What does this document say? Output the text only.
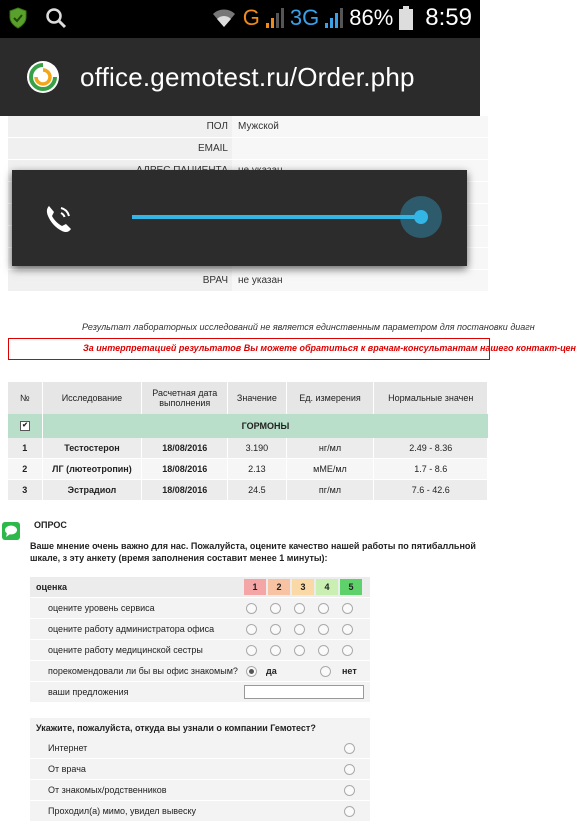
G 3G 86% 8:59
office.gemotest.ru/Order.php
ПОЛ	Мужской
EMAIL
ВРАЧ	не указан
Результат лабораторных исследований не является единственным параметром для постановки диагн
За интерпретацией результатов Вы можете обратиться к врачам-консультантам нашего контакт-цен
№	Исследование	Расчетная дата выполнения	Значение	Ед. измерения	Нормальные значен
✔	ГОРМОНЫ
1	Тестостерон	18/08/2016	3.190	нг/мл	2.49 - 8.36
2	ЛГ (лютеотропин)	18/08/2016	2.13	мМЕ/мл	1.7 - 8.6
3	Эстрадиол	18/08/2016	24.5	пг/мл	7.6 - 42.6
ОПРОС
Ваше мнение очень важно для нас. Пожалуйста, оцените качество нашей работы по пятибалльной шкале, з эту анкету (время заполнения составит менее 1 минуты):
оценка	1	2	3	4	5
оцените уровень сервиса
оцените работу администратора офиса
оцените работу медицинской сестры
порекомендовали ли бы вы офис знакомым?	да	нет
ваши предложения
Укажите, пожалуйста, откуда вы узнали о компании Гемотест?
Интернет
От врача
От знакомых/родственников
Проходил(а) мимо, увидел вывеску
